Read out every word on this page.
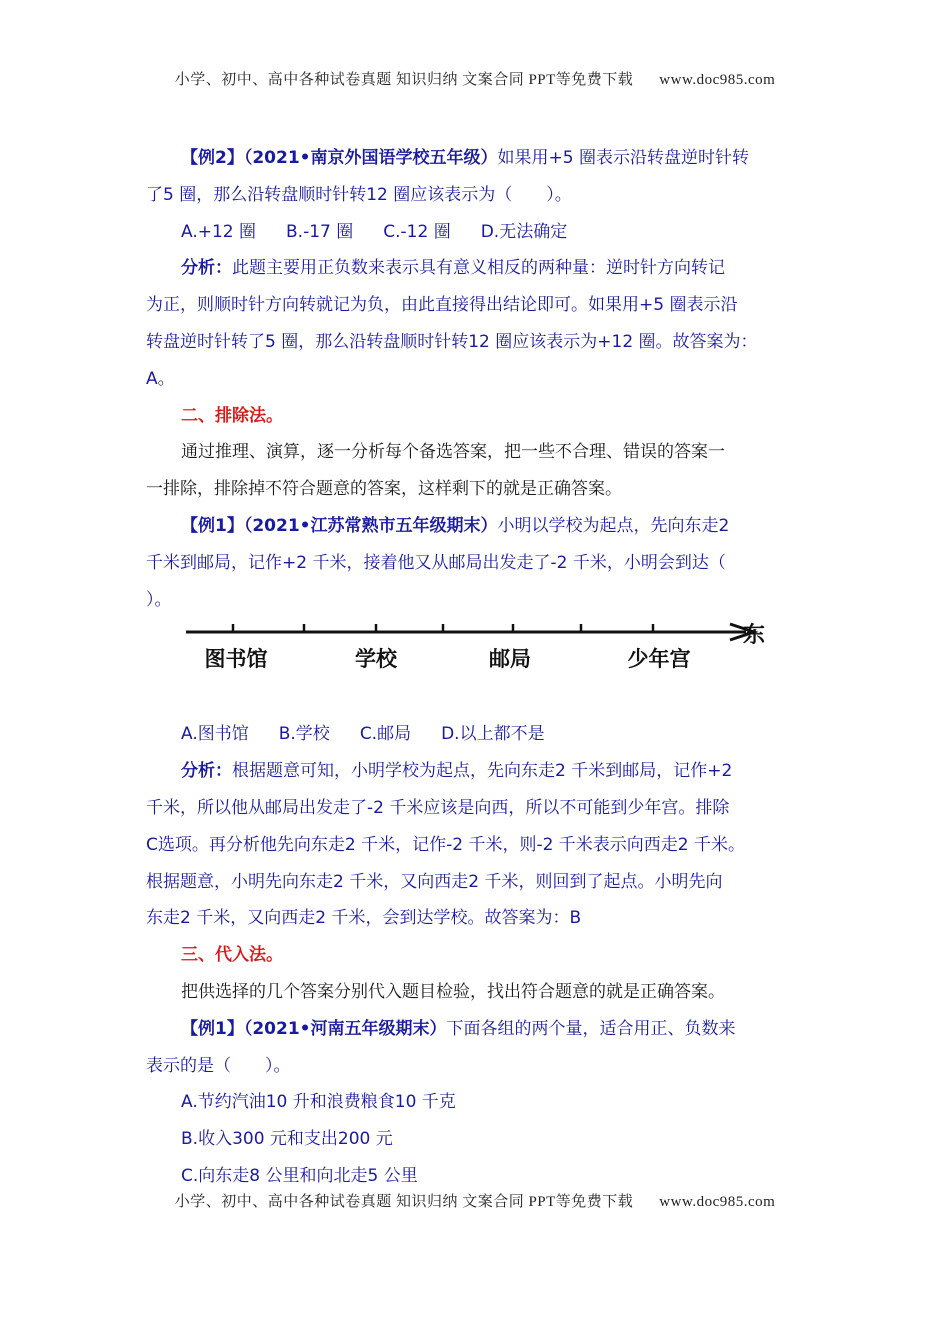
小学、初中、高中各种试卷真题 知识归纳 文案合同 PPT等免费下载 www.doc985.com

【例2】（2021•南京外国语学校五年级）如果用+5 圈表示沿转盘逆时针转

了5 圈，那么沿转盘顺时针转12 圈应该表示为（　　）。

A.+12 圈 B.-17 圈 C.-12 圈 D.无法确定

分析：此题主要用正负数来表示具有意义相反的两种量：逆时针方向转记

为正，则顺时针方向转就记为负，由此直接得出结论即可。如果用+5 圈表示沿

转盘逆时针转了5 圈，那么沿转盘顺时针转12 圈应该表示为+12 圈。故答案为：

A。

二、排除法。

通过推理、演算，逐一分析每个备选答案，把一些不合理、错误的答案一

一排除，排除掉不符合题意的答案，这样剩下的就是正确答案。

【例1】（2021•江苏常熟市五年级期末）小明以学校为起点，先向东走2

千米到邮局，记作+2 千米，接着他又从邮局出发走了-2 千米，小明会到达（

）。

东
图书馆	学校	邮局	少年宫

A.图书馆 B.学校 C.邮局 D.以上都不是

分析：根据题意可知，小明学校为起点，先向东走2 千米到邮局，记作+2

千米，所以他从邮局出发走了-2 千米应该是向西，所以不可能到少年宫。排除

C选项。再分析他先向东走2 千米，记作-2 千米，则-2 千米表示向西走2 千米。

根据题意，小明先向东走2 千米，又向西走2 千米，则回到了起点。小明先向

东走2 千米，又向西走2 千米，会到达学校。故答案为：B

三、代入法。

把供选择的几个答案分别代入题目检验，找出符合题意的就是正确答案。

【例1】（2021•河南五年级期末）下面各组的两个量，适合用正、负数来

表示的是（　　）。

A.节约汽油10 升和浪费粮食10 千克

B.收入300 元和支出200 元

C.向东走8 公里和向北走5 公里

小学、初中、高中各种试卷真题 知识归纳 文案合同 PPT等免费下载 www.doc985.com
